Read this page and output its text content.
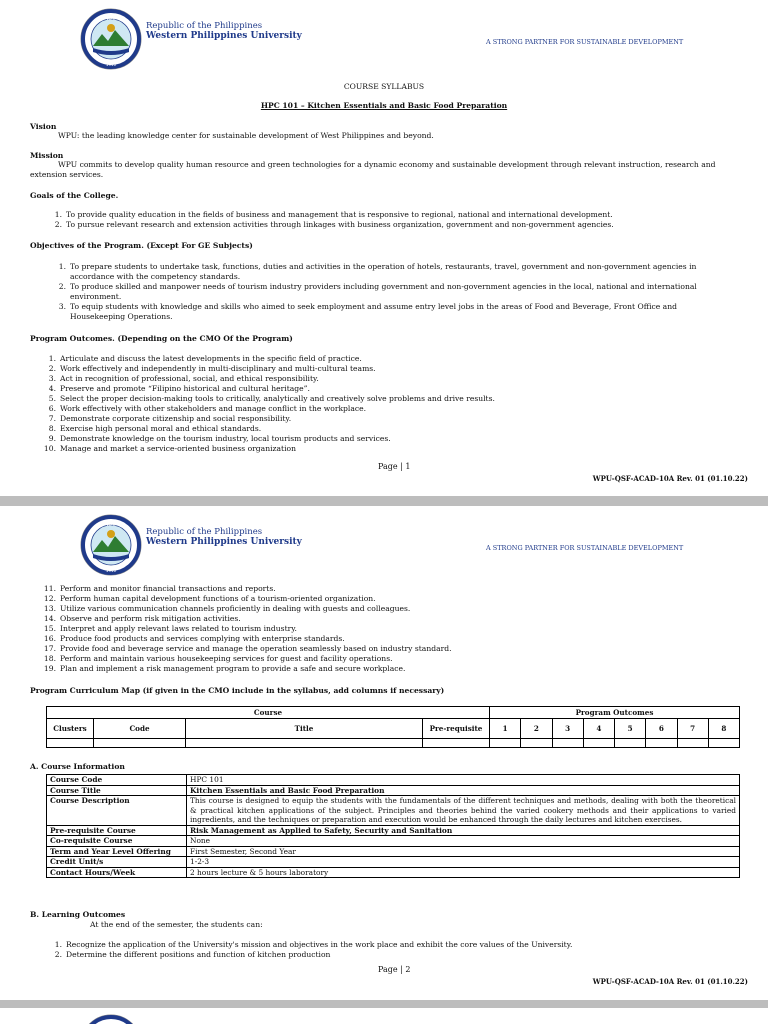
WPU
1910
Republic of the Philippines
Western Philippines University
A STRONG PARTNER FOR SUSTAINABLE DEVELOPMENT
COURSE SYLLABUS
HPC 101 – Kitchen Essentials and Basic Food Preparation
Vision
WPU: the leading knowledge center for sustainable development of West Philippines and beyond.
Mission
WPU commits to develop quality human resource and green technologies for a dynamic economy and sustainable development through relevant instruction, research and extension services.
Goals of the College.
1. To provide quality education in the fields of business and management that is responsive to regional, national and international development.
2. To pursue relevant research and extension activities through linkages with business organization, government and non-government agencies.
Objectives of the Program. (Except For GE Subjects)
1. To prepare students to undertake task, functions, duties and activities in the operation of hotels, restaurants, travel, government and non-government agencies in accordance with the competency standards.
2. To produce skilled and manpower needs of tourism industry providers including government and non-government agencies in the local, national and international environment.
3. To equip students with knowledge and skills who aimed to seek employment and assume entry level jobs in the areas of Food and Beverage, Front Office and Housekeeping Operations.
Program Outcomes. (Depending on the CMO Of the Program)
1. Articulate and discuss the latest developments in the specific field of practice.
2. Work effectively and independently in multi-disciplinary and multi-cultural teams.
3. Act in recognition of professional, social, and ethical responsibility.
4. Preserve and promote “Filipino historical and cultural heritage”.
5. Select the proper decision-making tools to critically, analytically and creatively solve problems and drive results.
6. Work effectively with other stakeholders and manage conflict in the workplace.
7. Demonstrate corporate citizenship and social responsibility.
8. Exercise high personal moral and ethical standards.
9. Demonstrate knowledge on the tourism industry, local tourism products and services.
10. Manage and market a service-oriented business organization
Page | 1
WPU-QSF-ACAD-10A Rev. 01 (01.10.22)
WPU
1910
Republic of the Philippines
Western Philippines University
A STRONG PARTNER FOR SUSTAINABLE DEVELOPMENT
11. Perform and monitor financial transactions and reports.
12. Perform human capital development functions of a tourism-oriented organization.
13. Utilize various communication channels proficiently in dealing with guests and colleagues.
14. Observe and perform risk mitigation activities.
15. Interpret and apply relevant laws related to tourism industry.
16. Produce food products and services complying with enterprise standards.
17. Provide food and beverage service and manage the operation seamlessly based on industry standard.
18. Perform and maintain various housekeeping services for guest and facility operations.
19. Plan and implement a risk management program to provide a safe and secure workplace.
Program Curriculum Map (if given in the CMO include in the syllabus, add columns if necessary)
Course				Program Outcomes							
Clusters	Code	Title	Pre-requisite	1	2	3	4	5	6	7	8

A. Course Information
Course Code	HPC 101
Course Title	Kitchen Essentials and Basic Food Preparation
Course Description	This course is designed to equip the students with the fundamentals of the different techniques and methods, dealing with both the theoretical & practical kitchen applications of the subject. Principles and theories behind the varied cookery methods and their applications to varied ingredients, and the techniques or preparation and execution would be enhanced through the daily lectures and kitchen exercises.
Pre-requisite Course	Risk Management as Applied to Safety, Security and Sanitation
Co-requisite Course	None
Term and Year Level Offering	First Semester, Second Year
Credit Unit/s	1-2-3
Contact Hours/Week	2 hours lecture & 5 hours laboratory
B. Learning Outcomes
At the end of the semester, the students can:
1. Recognize the application of the University's mission and objectives in the work place and exhibit the core values of the University.
2. Determine the different positions and function of kitchen production
Page | 2
WPU-QSF-ACAD-10A Rev. 01 (01.10.22)
